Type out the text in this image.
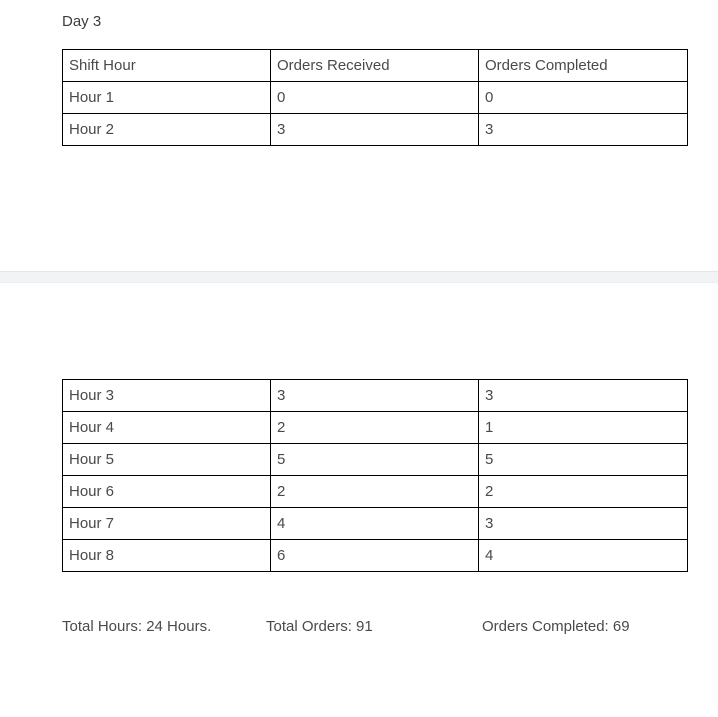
Day 3
Shift Hour	Orders Received	Orders Completed
Hour 1	0	0
Hour 2	3	3
Hour 3	3	3
Hour 4	2	1
Hour 5	5	5
Hour 6	2	2
Hour 7	4	3
Hour 8	6	4
Total Hours: 24 Hours.	Total Orders: 91	Orders Completed: 69
